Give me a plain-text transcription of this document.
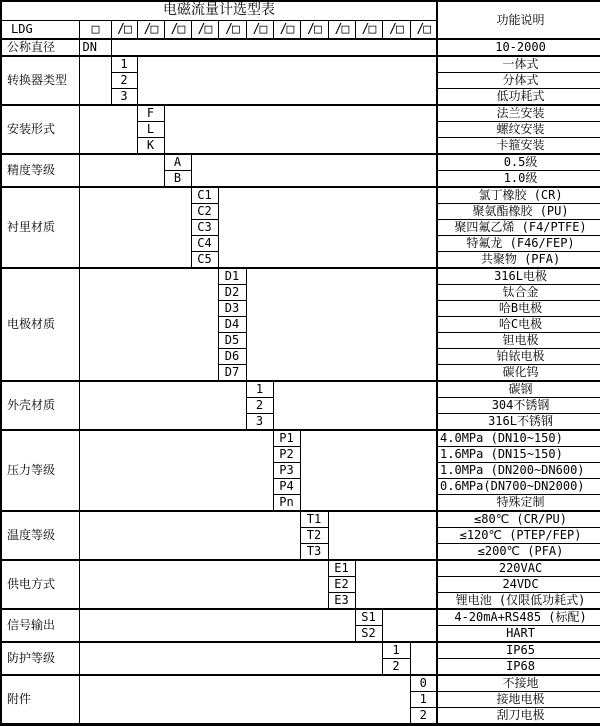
电磁流量计选型表														功能说明
LDG	□	/□	/□	/□	/□	/□	/□	/□	/□	/□	/□	/□	/□	
公称直径	DN													10-2000
转换器类型		1												一体式
		2												分体式
		3												低功耗式
安装形式			F											法兰安装
			L											螺纹安装
			K											卡箍安装
精度等级				A										0.5级
				B										1.0级
衬里材质					C1									氯丁橡胶 (CR)
					C2									聚氨酯橡胶 (PU)
					C3									聚四氟乙烯 (F4/PTFE)
					C4									特氟龙 (F46/FEP)
					C5									共聚物 (PFA)
电极材质						D1								316L电极
						D2								钛合金
						D3								哈B电极
						D4								哈C电极
						D5								钽电极
						D6								铂铱电极
						D7								碳化钨
外壳材质							1							碳钢
							2							304不锈钢
							3							316L不锈钢
压力等级								P1						4.0MPa (DN10~150)
								P2						1.6MPa (DN15~150)
								P3						1.0MPa (DN200~DN600)
								P4						0.6MPa(DN700~DN2000)
								Pn						特殊定制
温度等级									T1					≤80℃ (CR/PU)
									T2					≤120℃ (PTEP/FEP)
									T3					≤200℃ (PFA)
供电方式										E1				220VAC
										E2				24VDC
										E3				锂电池 (仅限低功耗式)
信号输出											S1			4-20mA+RS485 (标配)
											S2			HART
防护等级												1		IP65
												2		IP68
附件													0	不接地
													1	接地电极
													2	刮刀电极
